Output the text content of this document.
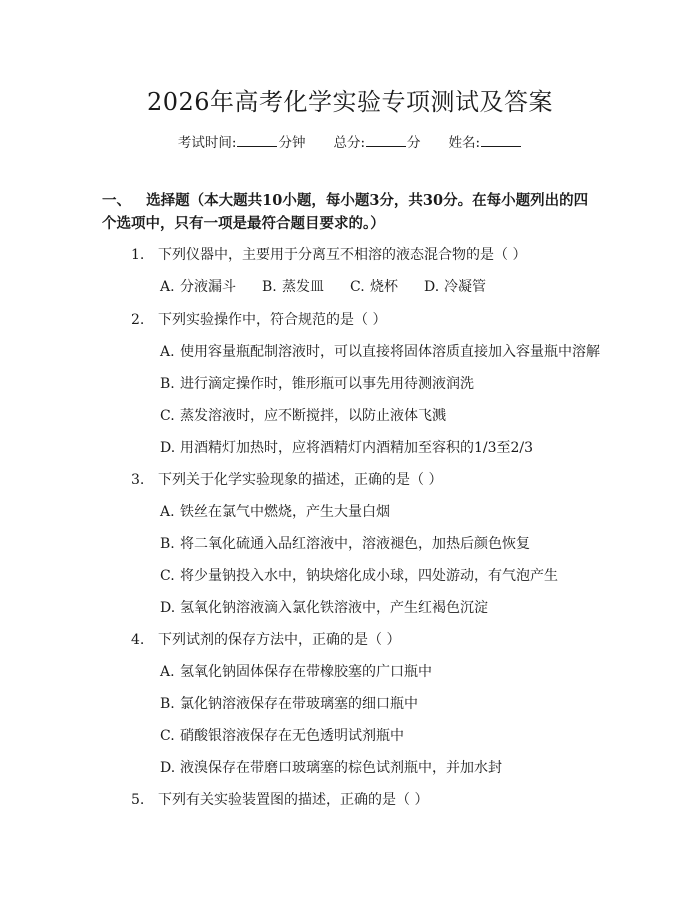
2026年高考化学实验专项测试及答案
考试时间:	分钟 总分:	分 姓名:
一、 选择题（本大题共10小题，每小题3分，共30分。在每小题列出的四个选项中，只有一项是最符合题目要求的。）
1. 下列仪器中，主要用于分离互不相溶的液态混合物的是（ ）
A. 分液漏斗 B. 蒸发皿 C. 烧杯 D. 冷凝管
2. 下列实验操作中，符合规范的是（ ）
A. 使用容量瓶配制溶液时，可以直接将固体溶质直接加入容量瓶中溶解
B. 进行滴定操作时，锥形瓶可以事先用待测液润洗
C. 蒸发溶液时，应不断搅拌，以防止液体飞溅
D. 用酒精灯加热时，应将酒精灯内酒精加至容积的1/3至2/3
3. 下列关于化学实验现象的描述，正确的是（ ）
A. 铁丝在氯气中燃烧，产生大量白烟
B. 将二氧化硫通入品红溶液中，溶液褪色，加热后颜色恢复
C. 将少量钠投入水中，钠块熔化成小球，四处游动，有气泡产生
D. 氢氧化钠溶液滴入氯化铁溶液中，产生红褐色沉淀
4. 下列试剂的保存方法中，正确的是（ ）
A. 氢氧化钠固体保存在带橡胶塞的广口瓶中
B. 氯化钠溶液保存在带玻璃塞的细口瓶中
C. 硝酸银溶液保存在无色透明试剂瓶中
D. 液溴保存在带磨口玻璃塞的棕色试剂瓶中，并加水封
5. 下列有关实验装置图的描述，正确的是（ ）
